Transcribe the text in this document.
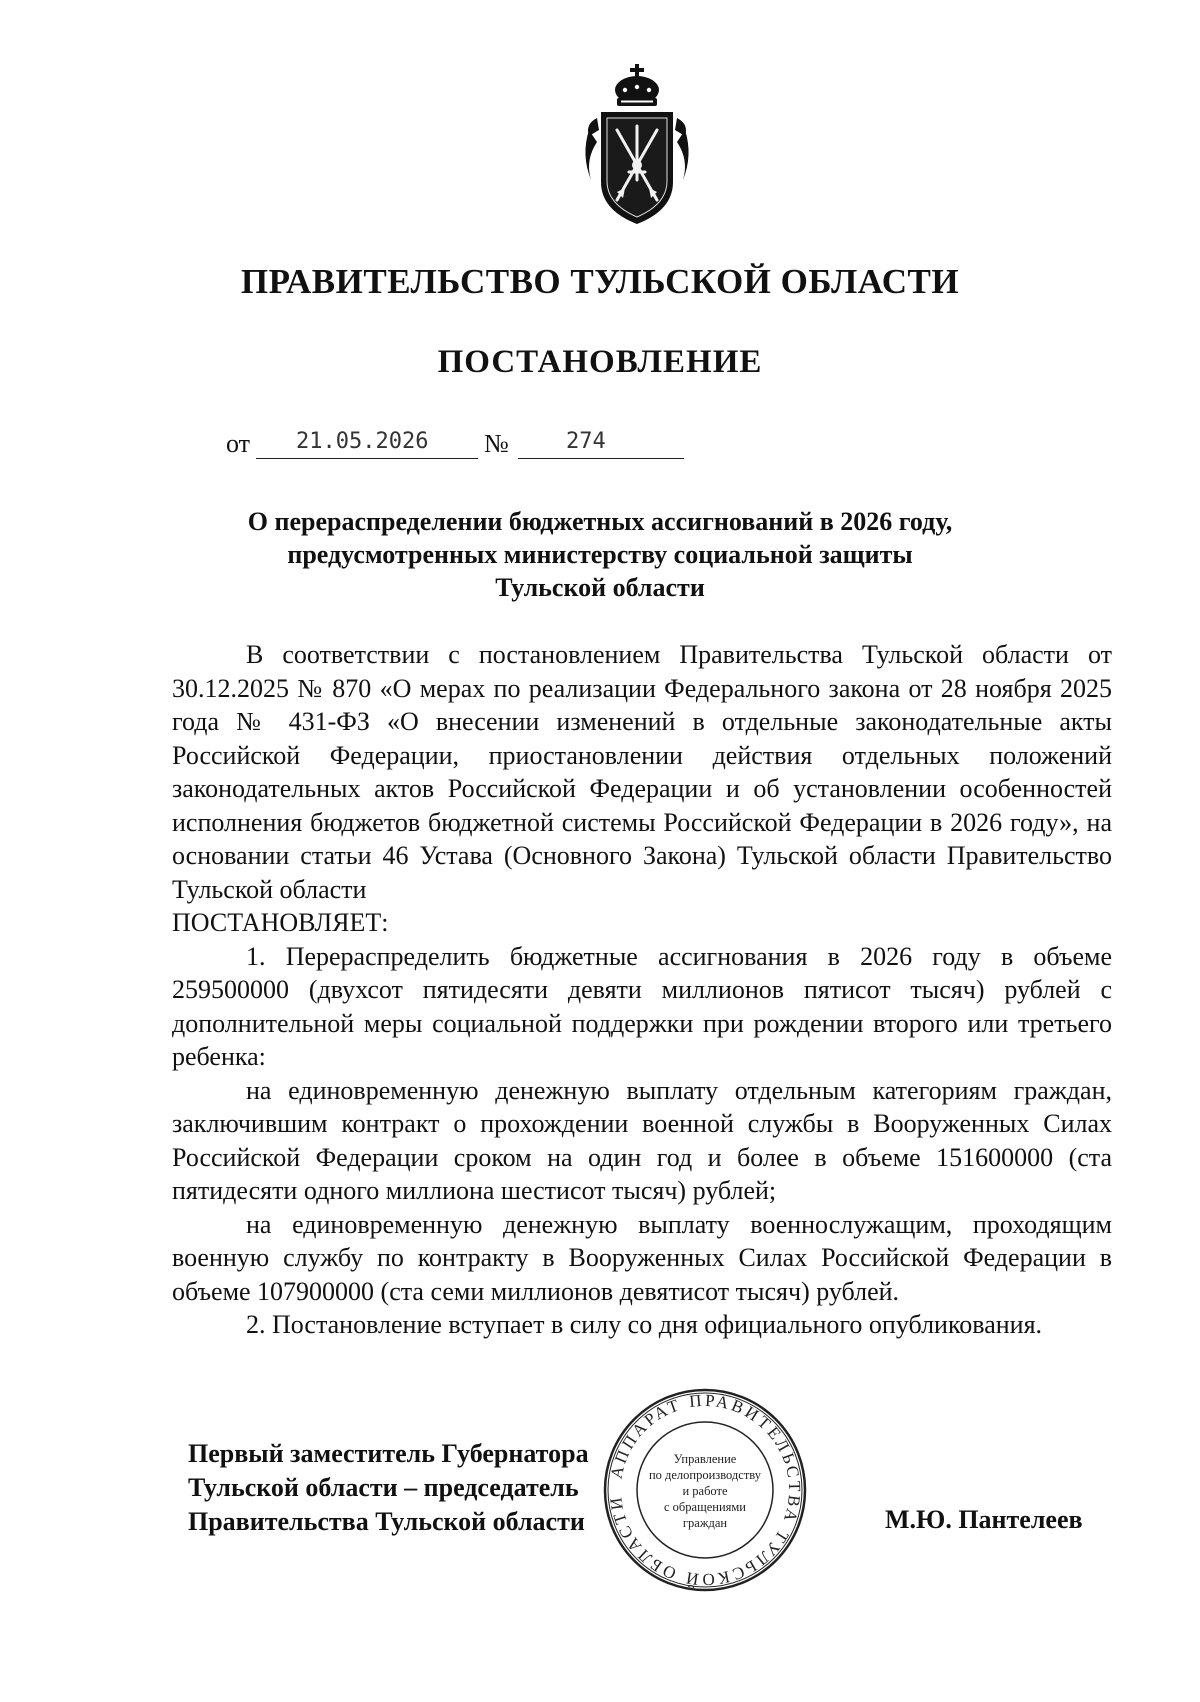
ПРАВИТЕЛЬСТВО ТУЛЬСКОЙ ОБЛАСТИ
ПОСТАНОВЛЕНИЕ
от 21.05.2026	№	274
О перераспределении бюджетных ассигнований в 2026 году,
предусмотренных министерству социальной защиты
Тульской области

В соответствии с постановлением Правительства Тульской области от 30.12.2025 № 870 «О мерах по реализации Федерального закона от 28 ноября 2025 года № 431-ФЗ «О внесении изменений в отдельные законодательные акты Российской Федерации, приостановлении действия отдельных положений законодательных актов Российской Федерации и об установлении особенностей исполнения бюджетов бюджетной системы Российской Федерации в 2026 году», на основании статьи 46 Устава (Основного Закона) Тульской области Правительство Тульской области

ПОСТАНОВЛЯЕТ:

1. Перераспределить бюджетные ассигнования в 2026 году в объеме 259500000 (двухсот пятидесяти девяти миллионов пятисот тысяч) рублей с дополнительной меры социальной поддержки при рождении второго или третьего ребенка:

на единовременную денежную выплату отдельным категориям граждан, заключившим контракт о прохождении военной службы в Вооруженных Силах Российской Федерации сроком на один год и более в объеме 151600000 (ста пятидесяти одного миллиона шестисот тысяч) рублей;

на единовременную денежную выплату военнослужащим, проходящим военную службу по контракту в Вооруженных Силах Российской Федерации в объеме 107900000 (ста семи миллионов девятисот тысяч) рублей.

2. Постановление вступает в силу со дня официального опубликования.

Первый заместитель Губернатора
Тульской области – председатель
Правительства Тульской области	М.Ю. Пантелеев
АППАРАТ ПРАВИТЕЛЬСТВА ТУЛЬСКОЙ ОБЛАСТИ
Управление
по делопроизводству
и работе
с обращениями
граждан
